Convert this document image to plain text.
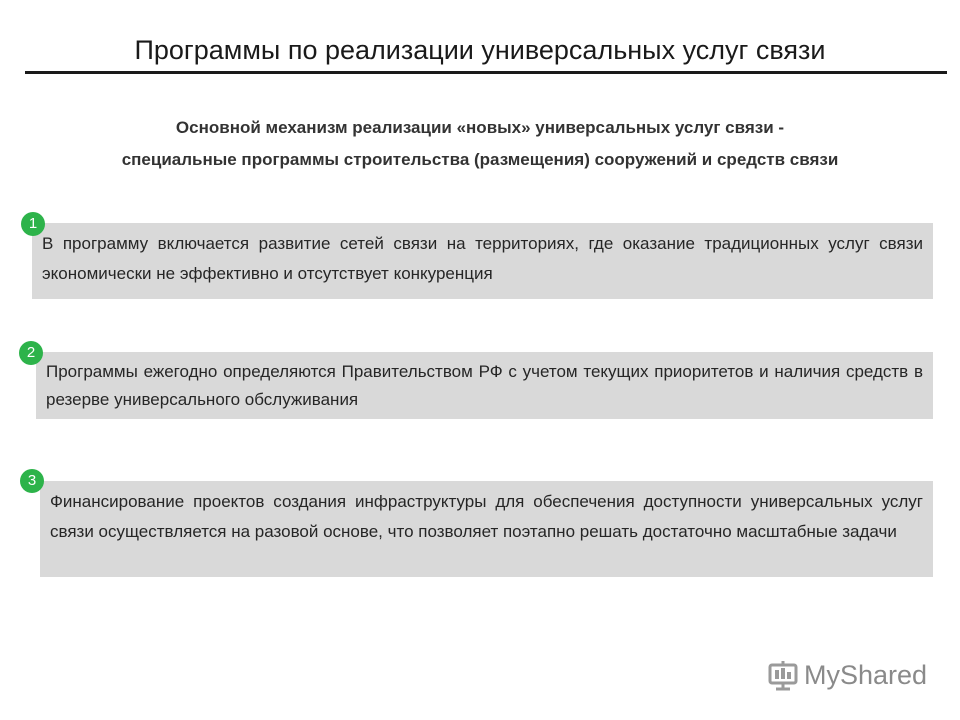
Программы по реализации универсальных услуг связи
Основной механизм реализации «новых» универсальных услуг связи -
специальные программы строительства (размещения) сооружений и средств связи
В программу включается развитие сетей связи на территориях, где оказание традиционных услуг связи экономически не эффективно и отсутствует конкуренция
1
Программы ежегодно определяются Правительством РФ с учетом текущих приоритетов и наличия средств в резерве универсального обслуживания
2
Финансирование проектов создания инфраструктуры для обеспечения доступности универсальных услуг связи осуществляется на разовой основе, что позволяет поэтапно решать достаточно масштабные задачи
3
MyShared
